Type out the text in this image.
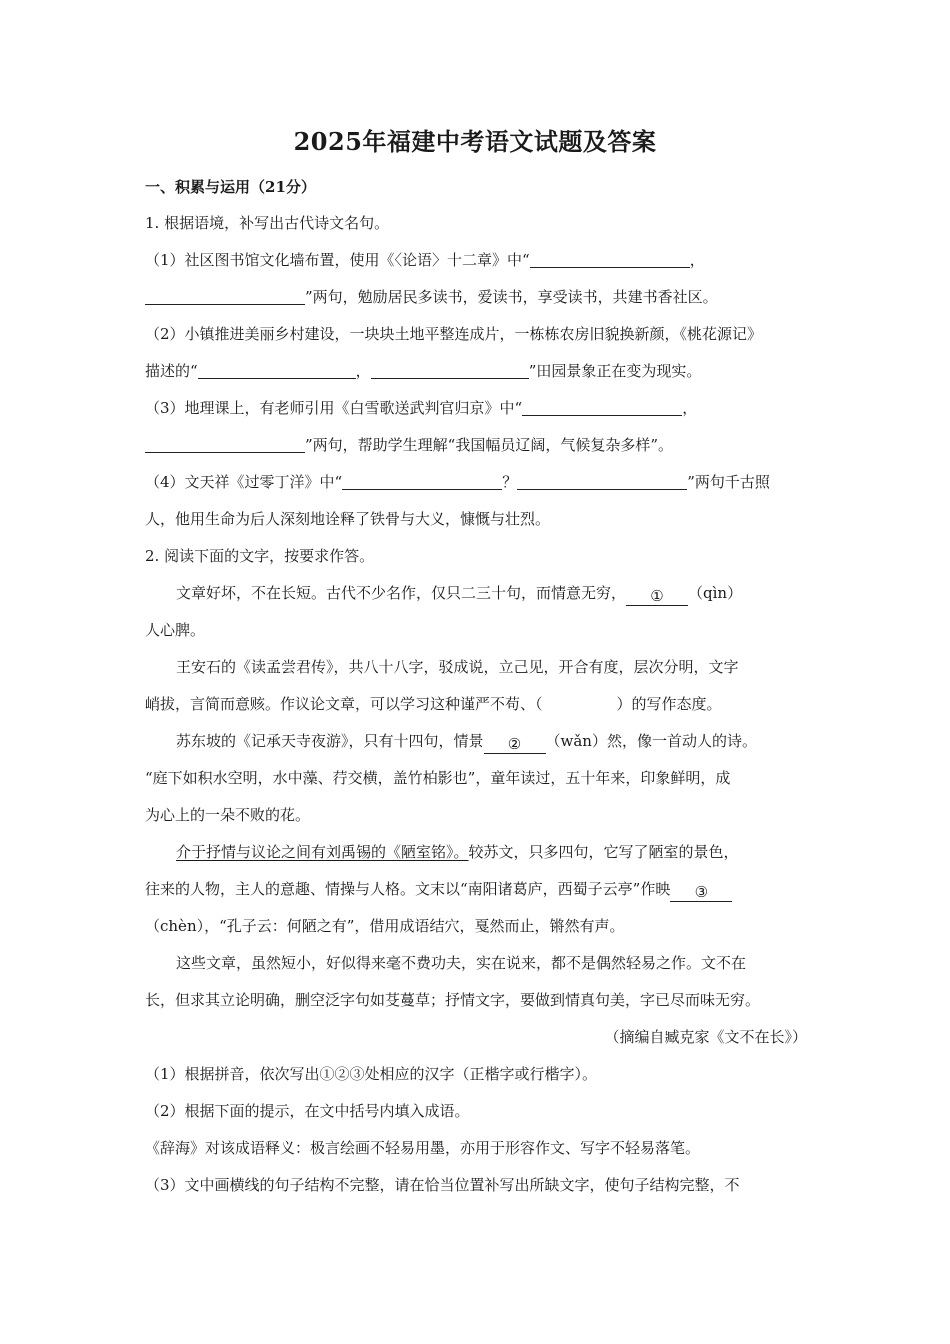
2025年福建中考语文试题及答案
一、积累与运用（21分）
1. 根据语境，补写出古代诗文名句。
（1）社区图书馆文化墙布置，使用《〈论语〉十二章》中“	，
”两句，勉励居民多读书，爱读书，享受读书，共建书香社区。
（2）小镇推进美丽乡村建设，一块块土地平整连成片，一栋栋农房旧貌换新颜，《桃花源记》
描述的“	，	”田园景象正在变为现实。
（3）地理课上，有老师引用《白雪歌送武判官归京》中“	，
”两句，帮助学生理解“我国幅员辽阔，气候复杂多样”。
（4）文天祥《过零丁洋》中“	？	”两句千古照
人，他用生命为后人深刻地诠释了铁骨与大义，慷慨与壮烈。
2. 阅读下面的文字，按要求作答。
文章好坏，不在长短。古代不少名作，仅只二三十句，而情意无穷， ① （qìn）
人心脾。
王安石的《读孟尝君传》，共八十八字，驳成说，立己见，开合有度，层次分明，文字
峭拔，言简而意赅。作议论文章，可以学习这种谨严不苟、（	）的写作态度。
苏东坡的《记承天寺夜游》，只有十四句，情景 ② （wǎn）然，像一首动人的诗。
“庭下如积水空明，水中藻、荇交横，盖竹柏影也”，童年读过，五十年来，印象鲜明，成
为心上的一朵不败的花。
介于抒情与议论之间有刘禹锡的《陋室铭》。较苏文，只多四句，它写了陋室的景色，
往来的人物，主人的意趣、情操与人格。文末以“南阳诸葛庐，西蜀子云亭”作映 ③
（chèn），“孔子云：何陋之有”，借用成语结穴，戛然而止，锵然有声。
这些文章，虽然短小，好似得来毫不费功夫，实在说来，都不是偶然轻易之作。文不在
长，但求其立论明确，删空泛字句如芟蔓草；抒情文字，要做到情真句美，字已尽而味无穷。
（摘编自臧克家《文不在长》）
（1）根据拼音，依次写出①②③处相应的汉字（正楷字或行楷字）。
（2）根据下面的提示，在文中括号内填入成语。
《辞海》对该成语释义：极言绘画不轻易用墨，亦用于形容作文、写字不轻易落笔。
（3）文中画横线的句子结构不完整，请在恰当位置补写出所缺文字，使句子结构完整，不
